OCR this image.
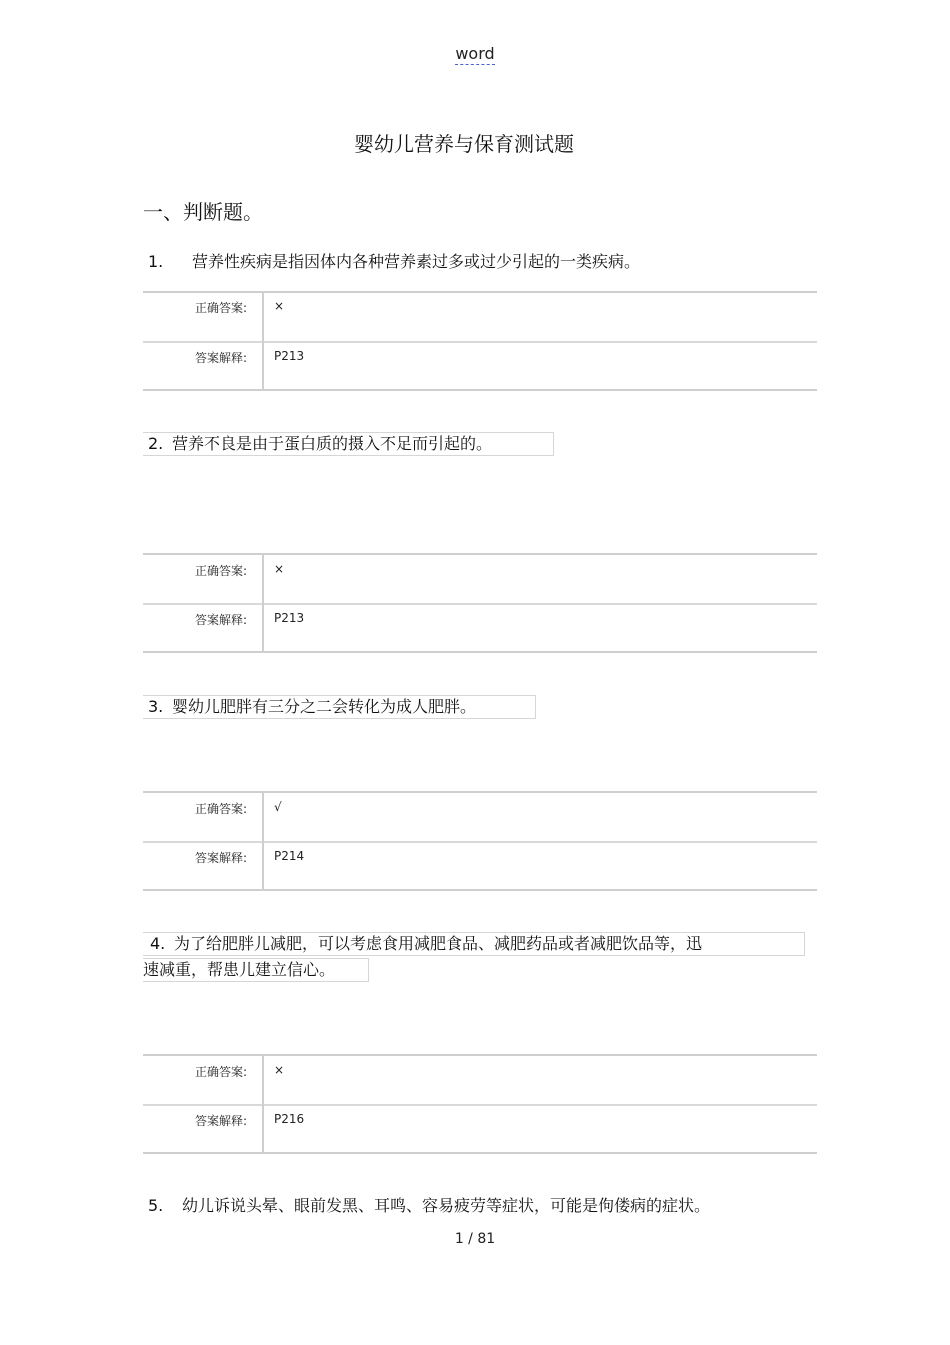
word
婴幼儿营养与保育测试题
一、判断题。
1. 营养性疾病是指因体内各种营养素过多或过少引起的一类疾病。
正确答案: ×
答案解释: P213
2. 营养不良是由于蛋白质的摄入不足而引起的。
正确答案: ×
答案解释: P213
3. 婴幼儿肥胖有三分之二会转化为成人肥胖。
正确答案: √
答案解释: P214
4. 为了给肥胖儿减肥，可以考虑食用减肥食品、减肥药品或者减肥饮品等，迅
速减重，帮患儿建立信心。
正确答案: ×
答案解释: P216
5. 幼儿诉说头晕、眼前发黑、耳鸣、容易疲劳等症状，可能是佝偻病的症状。
1 / 81
